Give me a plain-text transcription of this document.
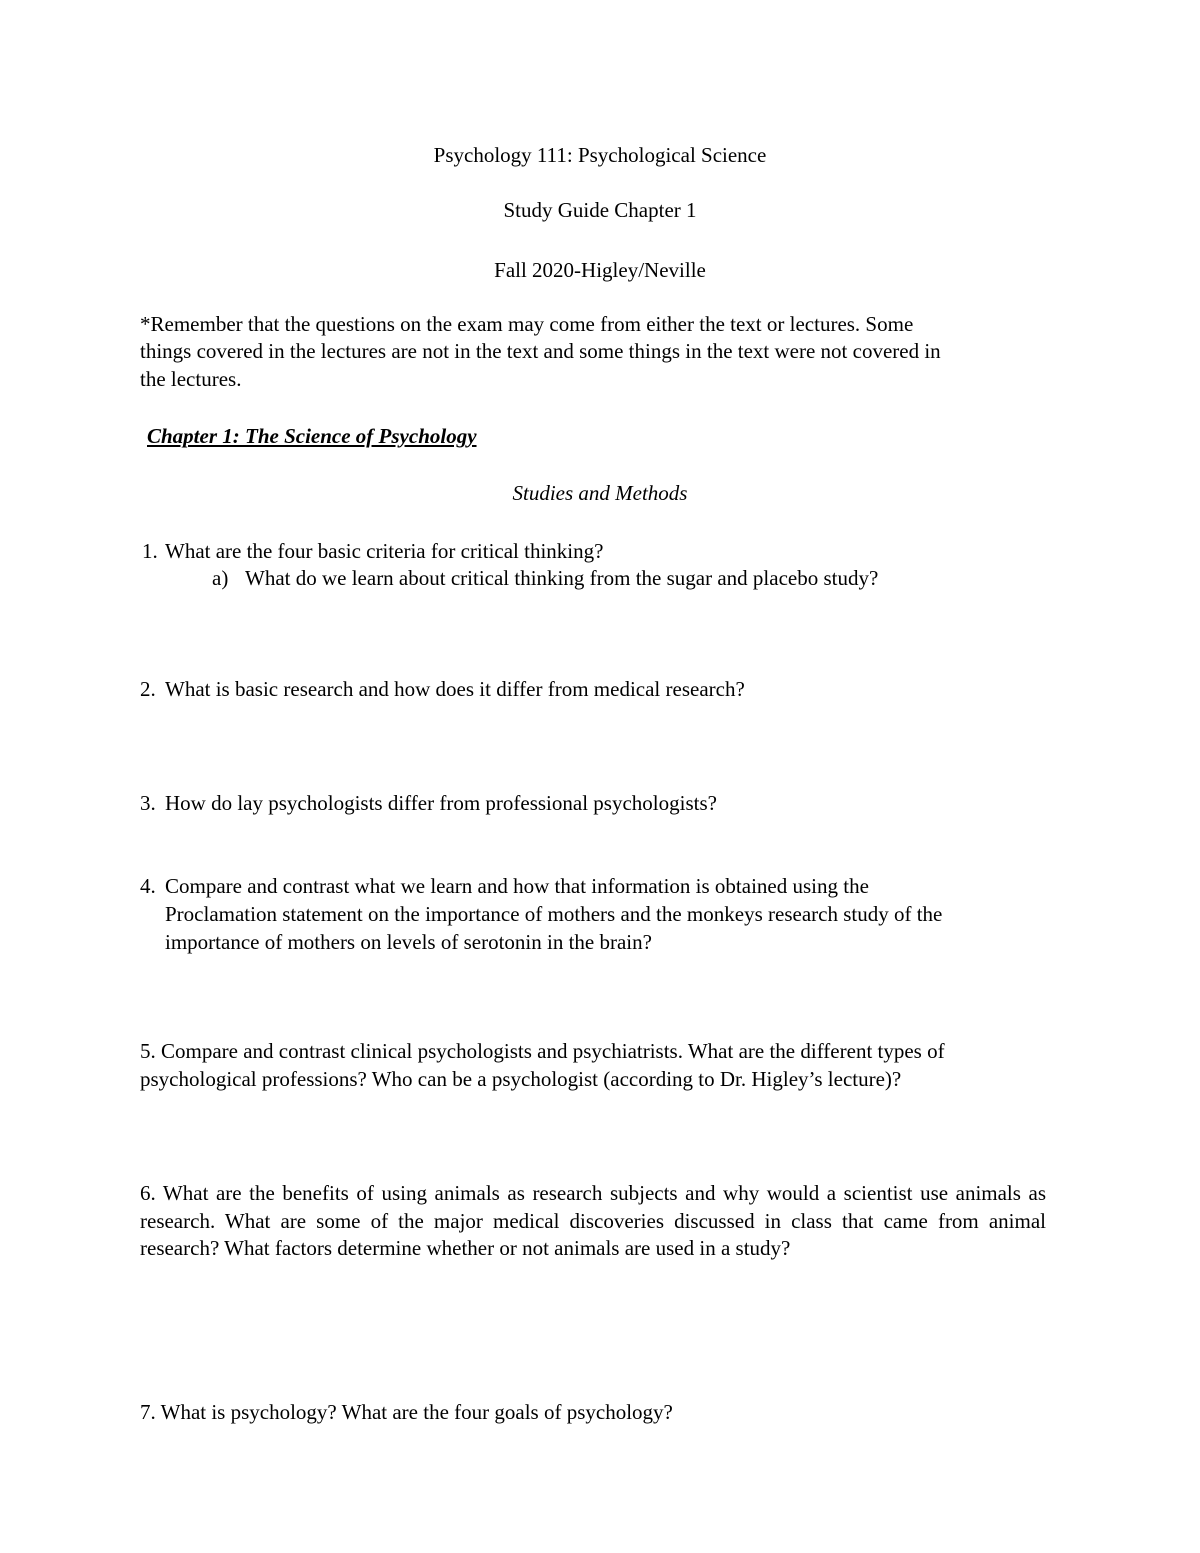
Psychology 111: Psychological Science

Study Guide Chapter 1

Fall 2020-Higley/Neville

*Remember that the questions on the exam may come from either the text or lectures. Some

things covered in the lectures are not in the text and some things in the text were not covered in

the lectures.

Chapter 1: The Science of Psychology

Studies and Methods

1. What are the four basic criteria for critical thinking?
a) What do we learn about critical thinking from the sugar and placebo study?
2. What is basic research and how does it differ from medical research?
3. How do lay psychologists differ from professional psychologists?
4. Compare and contrast what we learn and how that information is obtained using the
Proclamation statement on the importance of mothers and the monkeys research study of the
importance of mothers on levels of serotonin in the brain?

5. Compare and contrast clinical psychologists and psychiatrists. What are the different types of

psychological professions? Who can be a psychologist (according to Dr. Higley’s lecture)?

6. What are the benefits of using animals as research subjects and why would a scientist use animals as research. What are some of the major medical discoveries discussed in class that came from animal research? What factors determine whether or not animals are used in a study?

7. What is psychology? What are the four goals of psychology?
